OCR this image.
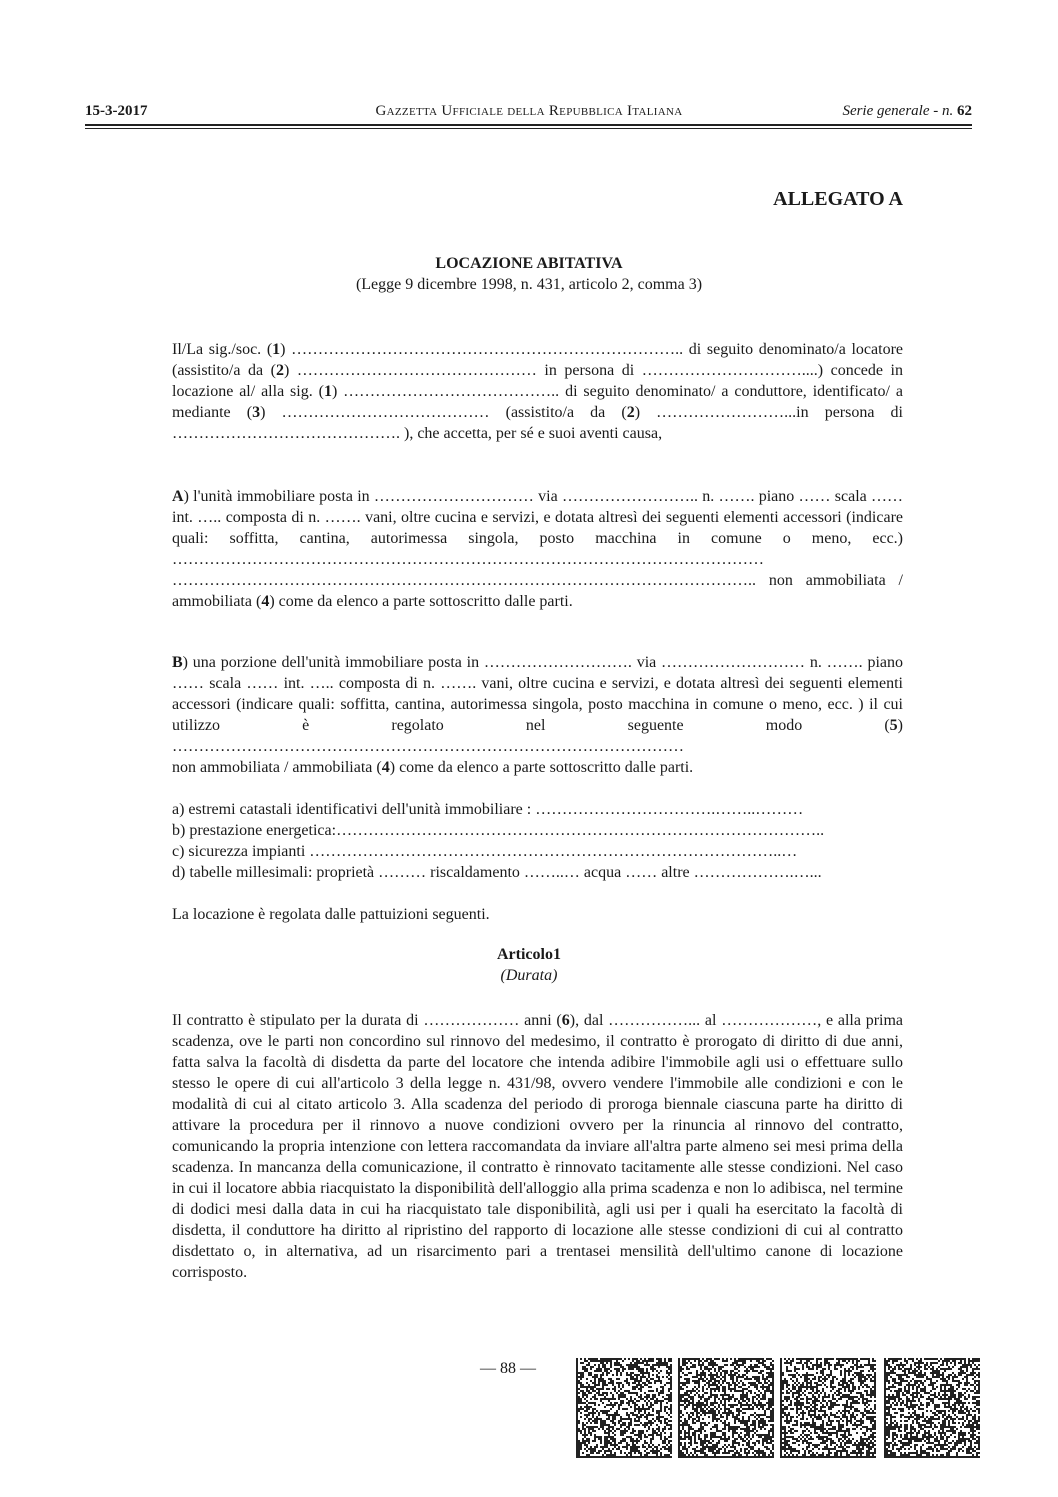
15-3-2017	Gazzetta Ufficiale della Repubblica Italiana	Serie generale - n. 62
ALLEGATO A
LOCAZIONE ABITATIVA
(Legge 9 dicembre 1998, n. 431, articolo 2, comma 3)

Il/La sig./soc. (1) ……………………………………………………………….. di seguito denominato/a locatore (assistito/a da (2) ……………………………………… in persona di …………………………....) concede in locazione al/ alla sig. (1) ………………………………….. di seguito denominato/ a conduttore, identificato/ a mediante (3) ………………………………… (assistito/a da (2) ……………………...in persona di ……………………………………. ), che accetta, per sé e suoi aventi causa,

A) l'unità immobiliare posta in ………………………… via …………………….. n. ……. piano …… scala …… int. ….. composta di n. ……. vani, oltre cucina e servizi, e dotata altresì dei seguenti elementi accessori (indicare quali: soffitta, cantina, autorimessa singola, posto macchina in comune o meno, ecc.) ………………………………………………………………………………………………… ……………………………………………………………………………………………….. non ammobiliata / ammobiliata (4) come da elenco a parte sottoscritto dalle parti.

B) una porzione dell'unità immobiliare posta in ………………………. via ……………………… n. ……. piano …… scala …… int. ….. composta di n. ……. vani, oltre cucina e servizi, e dotata altresì dei seguenti elementi accessori (indicare quali: soffitta, cantina, autorimessa singola, posto macchina in comune o meno, ecc. ) il cui utilizzo è regolato nel seguente modo (5) ……………………………………………………………………………………

non ammobiliata / ammobiliata (4) come da elenco a parte sottoscritto dalle parti.

a) estremi catastali identificativi dell'unità immobiliare : …………………………….……..………

b) prestazione energetica:………………………………………………………………………………..

c) sicurezza impianti ……………………………………………………………………………..…

d) tabelle millesimali: proprietà ……… riscaldamento ……..… acqua …… altre ……………….…...

La locazione è regolata dalle pattuizioni seguenti.
Articolo1
(Durata)

Il contratto è stipulato per la durata di ……………… anni (6), dal ……………... al ………………, e alla prima scadenza, ove le parti non concordino sul rinnovo del medesimo, il contratto è prorogato di diritto di due anni, fatta salva la facoltà di disdetta da parte del locatore che intenda adibire l'immobile agli usi o effettuare sullo stesso le opere di cui all'articolo 3 della legge n. 431/98, ovvero vendere l'immobile alle condizioni e con le modalità di cui al citato articolo 3. Alla scadenza del periodo di proroga biennale ciascuna parte ha diritto di attivare la procedura per il rinnovo a nuove condizioni ovvero per la rinuncia al rinnovo del contratto, comunicando la propria intenzione con lettera raccomandata da inviare all'altra parte almeno sei mesi prima della scadenza. In mancanza della comunicazione, il contratto è rinnovato tacitamente alle stesse condizioni. Nel caso in cui il locatore abbia riacquistato la disponibilità dell'alloggio alla prima scadenza e non lo adibisca, nel termine di dodici mesi dalla data in cui ha riacquistato tale disponibilità, agli usi per i quali ha esercitato la facoltà di disdetta, il conduttore ha diritto al ripristino del rapporto di locazione alle stesse condizioni di cui al contratto disdettato o, in alternativa, ad un risarcimento pari a trentasei mensilità dell'ultimo canone di locazione corrisposto.

— 88 —
